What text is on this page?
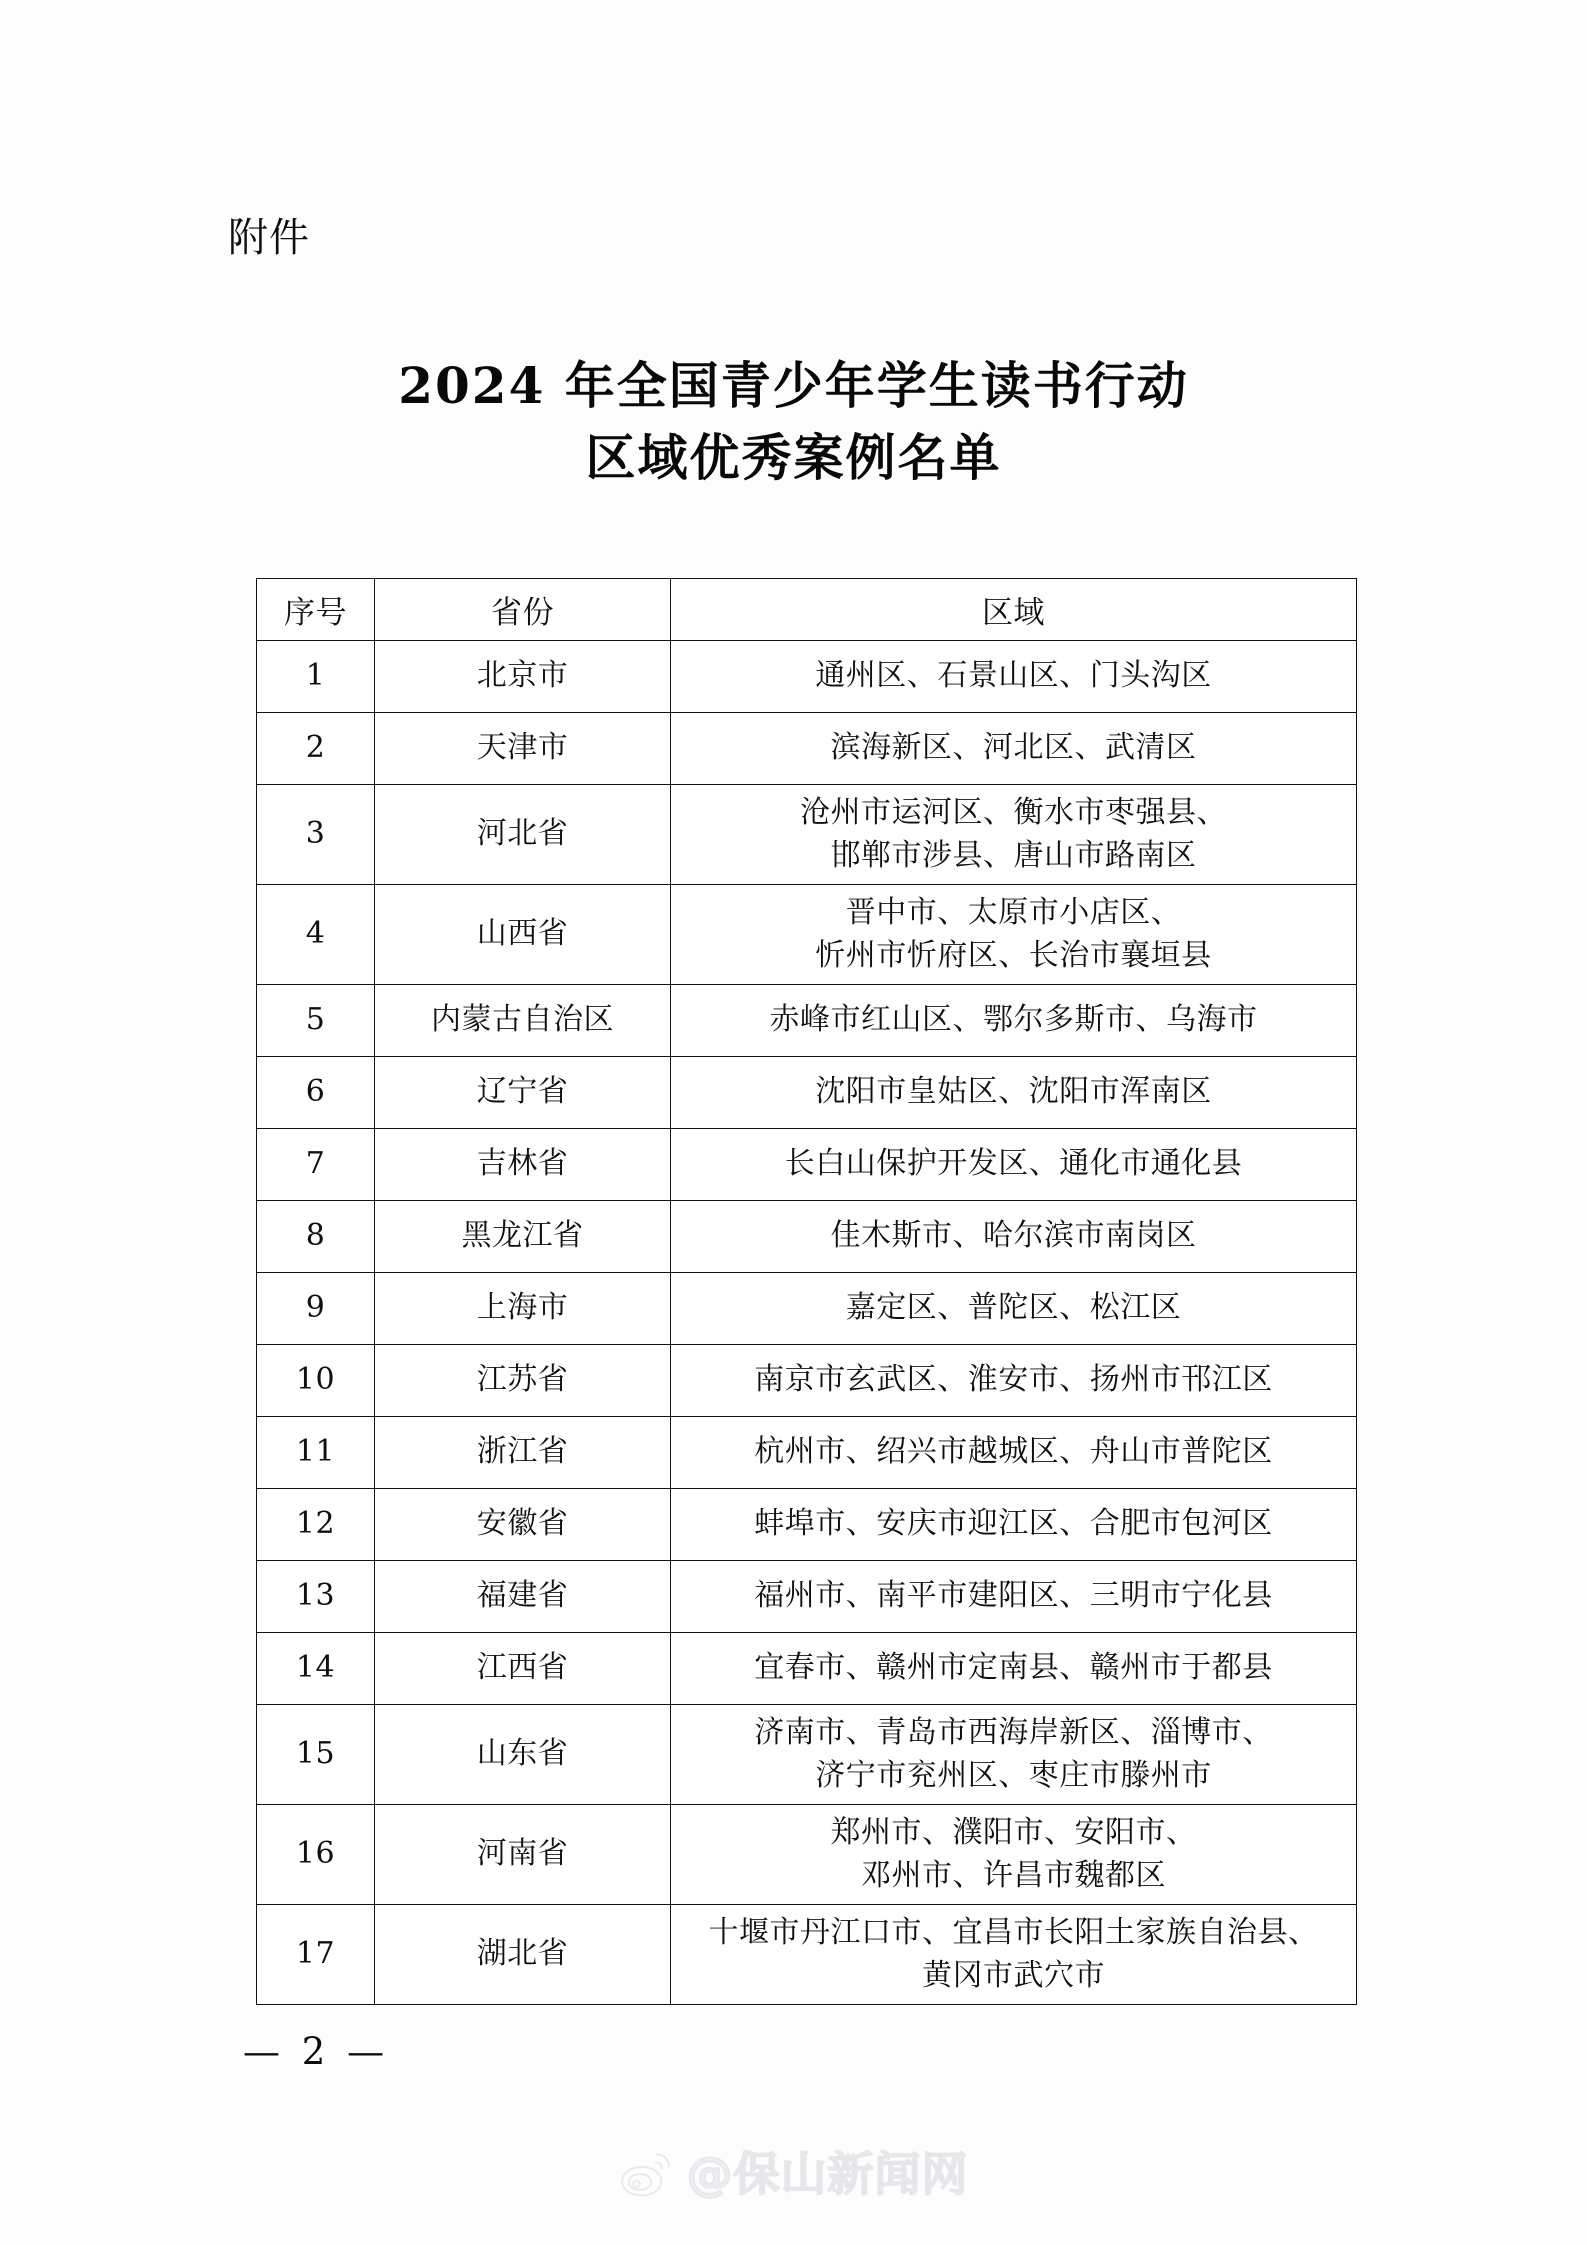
附件
2024 年全国青少年学生读书行动
区域优秀案例名单
序号	省份	区域
1	北京市	通州区、石景山区、门头沟区

2	天津市	滨海新区、河北区、武清区

3	河北省	沧州市运河区、衡水市枣强县、
邯郸市涉县、唐山市路南区

4	山西省	晋中市、太原市小店区、
忻州市忻府区、长治市襄垣县

5	内蒙古自治区	赤峰市红山区、鄂尔多斯市、乌海市

6	辽宁省	沈阳市皇姑区、沈阳市浑南区

7	吉林省	长白山保护开发区、通化市通化县

8	黑龙江省	佳木斯市、哈尔滨市南岗区

9	上海市	嘉定区、普陀区、松江区

10	江苏省	南京市玄武区、淮安市、扬州市邗江区

11	浙江省	杭州市、绍兴市越城区、舟山市普陀区

12	安徽省	蚌埠市、安庆市迎江区、合肥市包河区

13	福建省	福州市、南平市建阳区、三明市宁化县

14	江西省	宜春市、赣州市定南县、赣州市于都县

15	山东省	济南市、青岛市西海岸新区、淄博市、
济宁市兖州区、枣庄市滕州市

16	河南省	郑州市、濮阳市、安阳市、
邓州市、许昌市魏都区

17	湖北省	十堰市丹江口市、宜昌市长阳土家族自治县、
黄冈市武穴市
— 2 —
@保山新闻网
